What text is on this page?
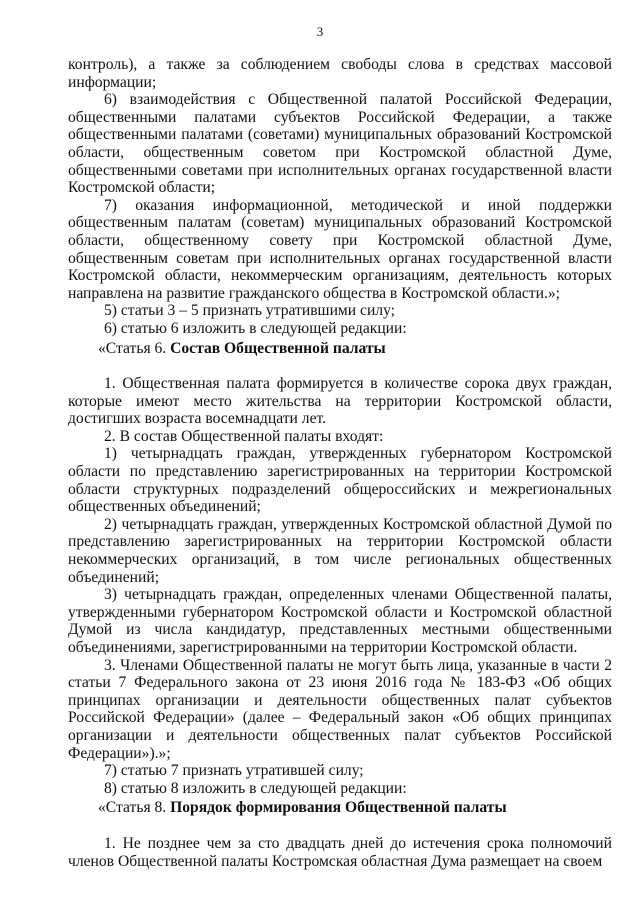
3

контроль), а также за соблюдением свободы слова в средствах массовой информации;

6) взаимодействия с Общественной палатой Российской Федерации, общественными палатами субъектов Российской Федерации, а также общественными палатами (советами) муниципальных образований Костромской области, общественным советом при Костромской областной Думе, общественными советами при исполнительных органах государственной власти Костромской области;

7) оказания информационной, методической и иной поддержки общественным палатам (советам) муниципальных образований Костромской области, общественному совету при Костромской областной Думе, общественным советам при исполнительных органах государственной власти Костромской области, некоммерческим организациям, деятельность которых направлена на развитие гражданского общества в Костромской области.»;

5) статьи 3 – 5 признать утратившими силу;

6) статью 6 изложить в следующей редакции:

«Статья 6. Состав Общественной палаты

1. Общественная палата формируется в количестве сорока двух граждан, которые имеют место жительства на территории Костромской области, достигших возраста восемнадцати лет.

2. В состав Общественной палаты входят:

1) четырнадцать граждан, утвержденных губернатором Костромской области по представлению зарегистрированных на территории Костромской области структурных подразделений общероссийских и межрегиональных общественных объединений;

2) четырнадцать граждан, утвержденных Костромской областной Думой по представлению зарегистрированных на территории Костромской области некоммерческих организаций, в том числе региональных общественных объединений;

3) четырнадцать граждан, определенных членами Общественной палаты, утвержденными губернатором Костромской области и Костромской областной Думой из числа кандидатур, представленных местными общественными объединениями, зарегистрированными на территории Костромской области.

3. Членами Общественной палаты не могут быть лица, указанные в части 2 статьи 7 Федерального закона от 23 июня 2016 года № 183-ФЗ «Об общих принципах организации и деятельности общественных палат субъектов Российской Федерации» (далее – Федеральный закон «Об общих принципах организации и деятельности общественных палат субъектов Российской Федерации»).»;

7) статью 7 признать утратившей силу;

8) статью 8 изложить в следующей редакции:

«Статья 8. Порядок формирования Общественной палаты

1. Не позднее чем за сто двадцать дней до истечения срока полномочий членов Общественной палаты Костромская областная Дума размещает на своем
